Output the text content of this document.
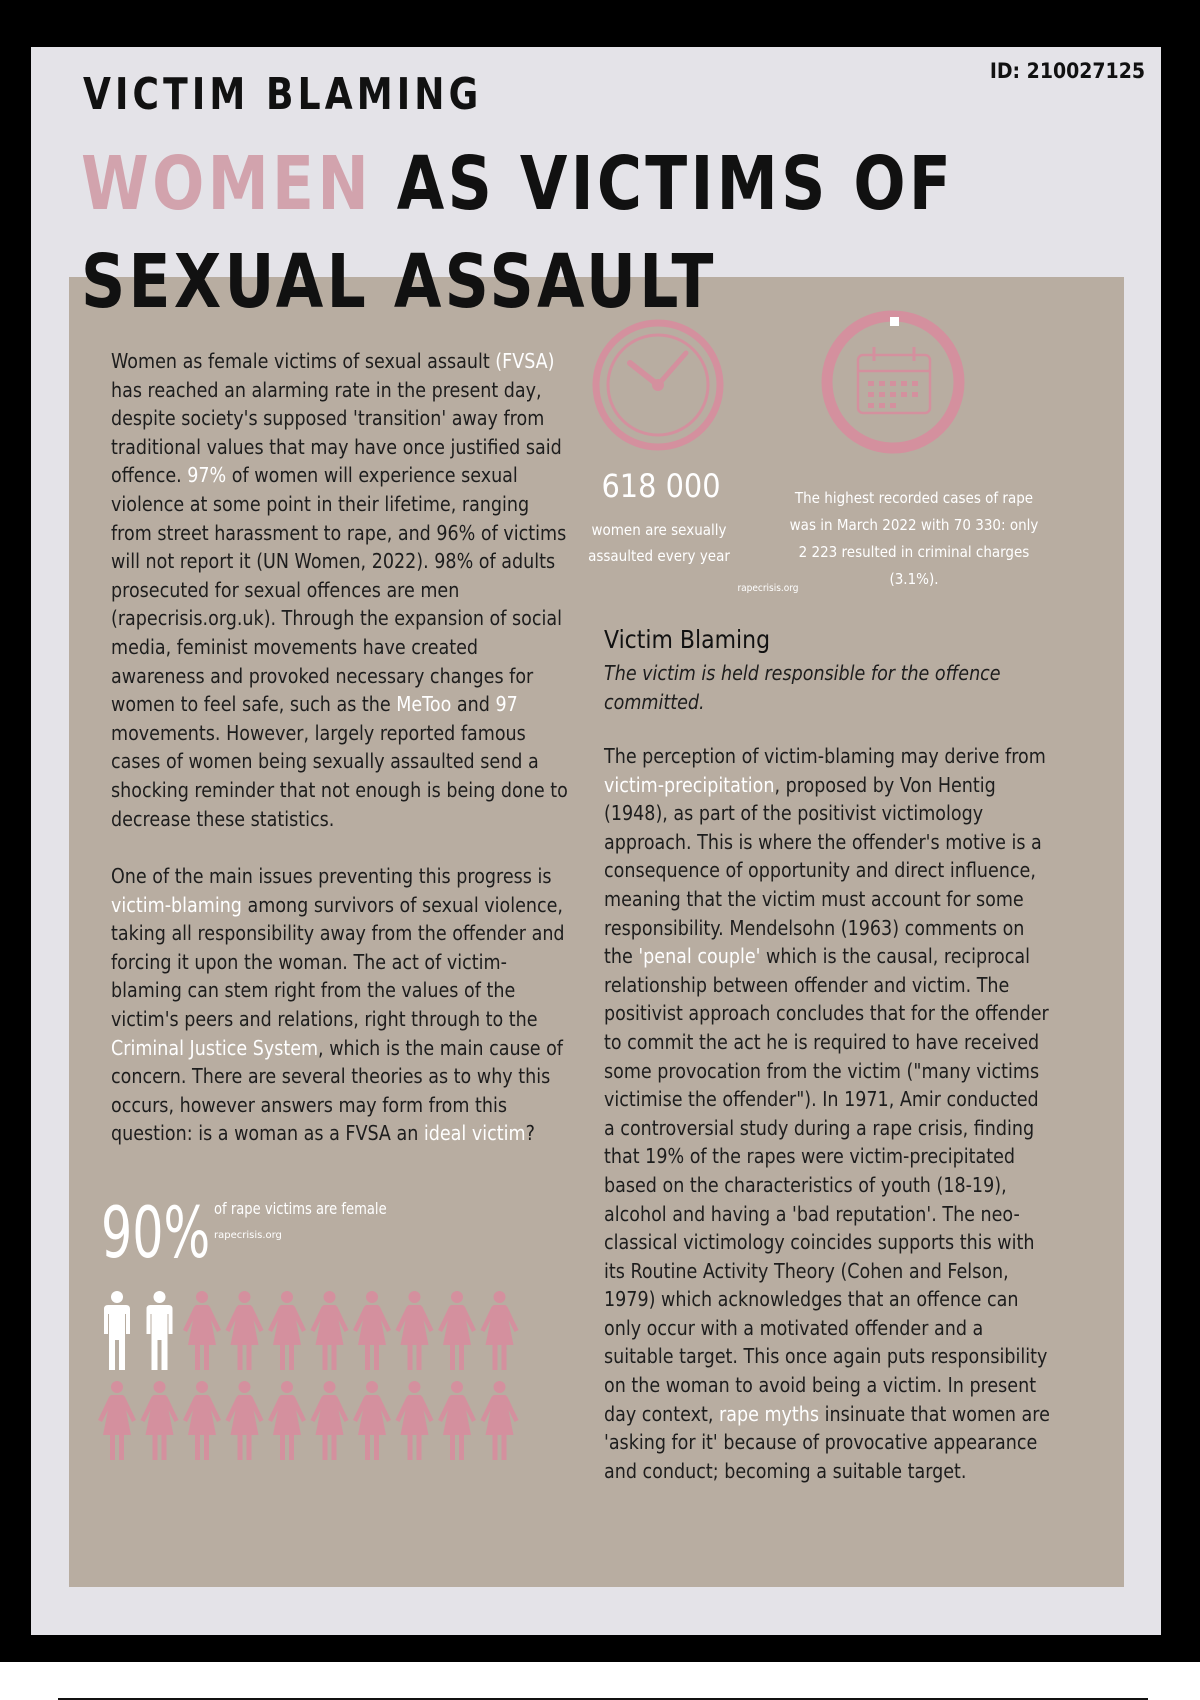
ID: 210027125

VICTIM BLAMING
WOMEN AS VICTIMS OF
SEXUAL ASSAULT

Women as female victims of sexual assault (FVSA) has reached an alarming rate in the present day, despite society's supposed 'transition' away from traditional values that may have once justified said offence. 97% of women will experience sexual violence at some point in their lifetime, ranging from street harassment to rape, and 96% of victims will not report it (UN Women, 2022). 98% of adults prosecuted for sexual offences are men (rapecrisis.org.uk). Through the expansion of social media, feminist movements have created awareness and provoked necessary changes for women to feel safe, such as the MeToo and 97 movements. However, largely reported famous cases of women being sexually assaulted send a shocking reminder that not enough is being done to decrease these statistics.

One of the main issues preventing this progress is victim-blaming among survivors of sexual violence, taking all responsibility away from the offender and forcing it upon the woman. The act of victim-blaming can stem right from the values of the victim's peers and relations, right through to the Criminal Justice System, which is the main cause of concern. There are several theories as to why this occurs, however answers may form from this question: is a woman as a FVSA an ideal victim?

618 000

women are sexually assaulted every year

rapecrisis.org

The highest recorded cases of rape was in March 2022 with 70 330: only 2 223 resulted in criminal charges (3.1%).

Victim Blaming

The victim is held responsible for the offence committed.

The perception of victim-blaming may derive from victim-precipitation, proposed by Von Hentig (1948), as part of the positivist victimology approach. This is where the offender's motive is a consequence of opportunity and direct influence, meaning that the victim must account for some responsibility. Mendelsohn (1963) comments on the 'penal couple' which is the causal, reciprocal relationship between offender and victim. The positivist approach concludes that for the offender to commit the act he is required to have received some provocation from the victim ("many victims victimise the offender"). In 1971, Amir conducted a controversial study during a rape crisis, finding that 19% of the rapes were victim-precipitated based on the characteristics of youth (18-19), alcohol and having a 'bad reputation'. The neo-classical victimology coincides supports this with its Routine Activity Theory (Cohen and Felson, 1979) which acknowledges that an offence can only occur with a motivated offender and a suitable target. This once again puts responsibility on the woman to avoid being a victim. In present day context, rape myths insinuate that women are 'asking for it' because of provocative appearance and conduct; becoming a suitable target.

90% of rape victims are female

rapecrisis.org
